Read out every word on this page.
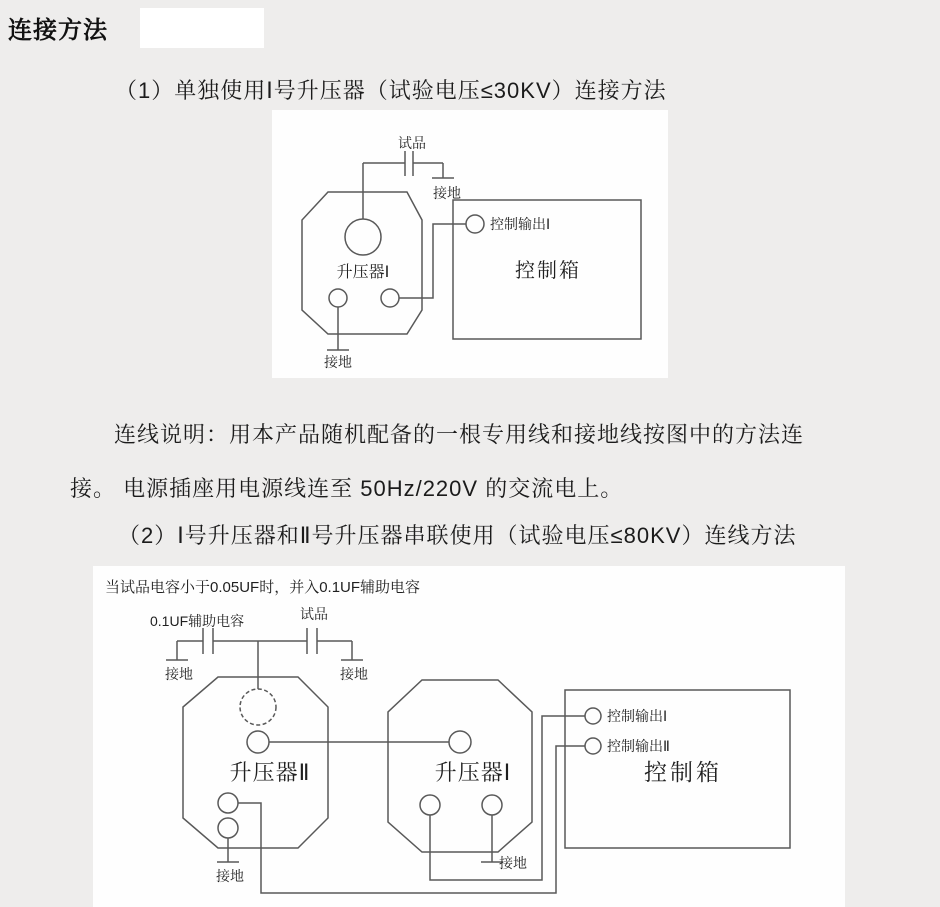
连接方法
（1）单独使用Ⅰ号升压器（试验电压≤30KV）连接方法
试品
接地
升压器Ⅰ
接地
控制输出Ⅰ
控制箱
连线说明：用本产品随机配备的一根专用线和接地线按图中的方法连
接。 电源插座用电源线连至 50Hz/220V 的交流电上。
（2）Ⅰ号升压器和Ⅱ号升压器串联使用（试验电压≤80KV）连线方法
当试品电容小于0.05UF时，并入0.1UF辅助电容
0.1UF辅助电容	试品
接地	接地
升压器Ⅱ	升压器Ⅰ
接地
接地
控制输出Ⅰ
控制输出Ⅱ
控制箱
